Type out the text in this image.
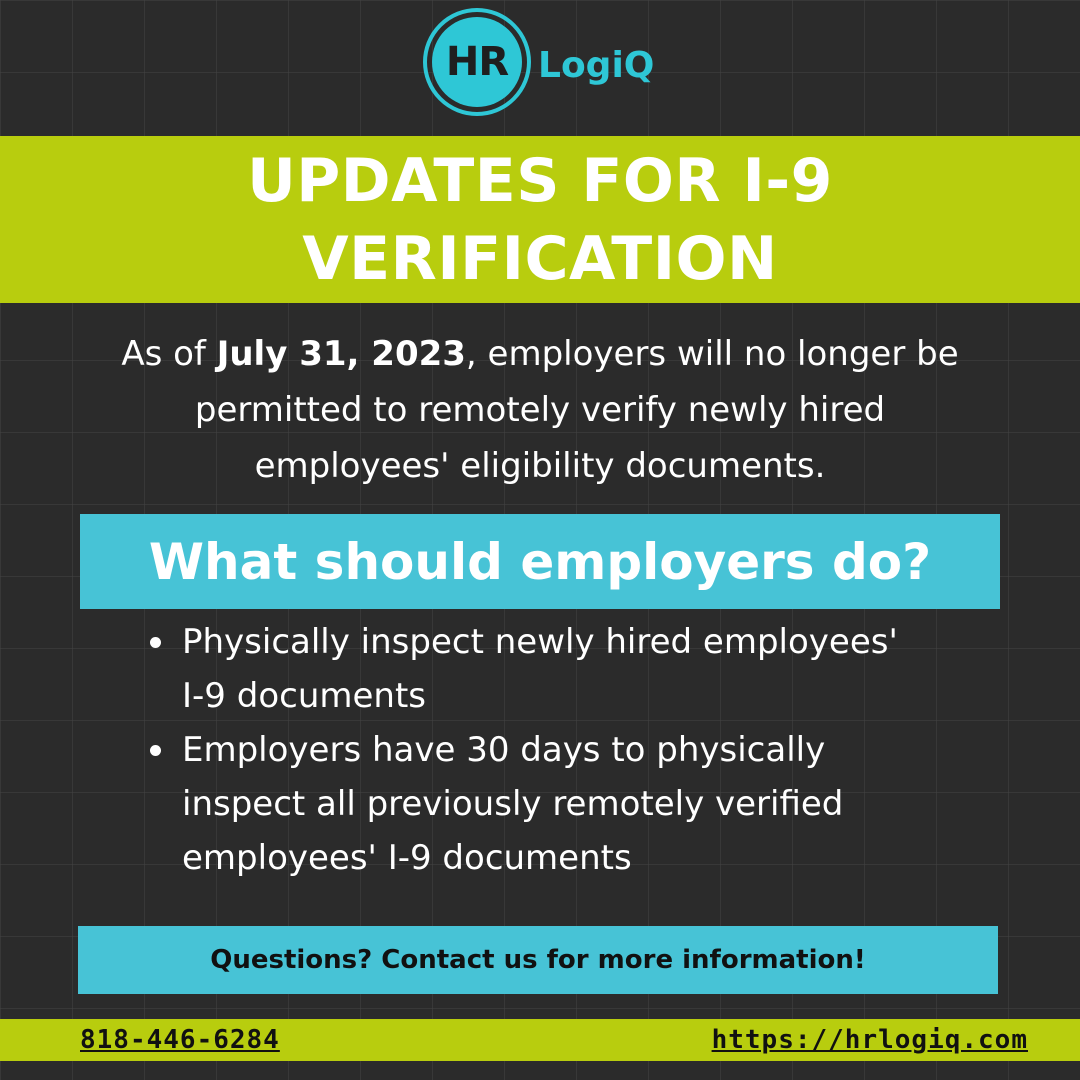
HR LogiQ
UPDATES FOR I-9
VERIFICATION
As of July 31, 2023, employers will no longer be
permitted to remotely verify newly hired
employees' eligibility documents.
What should employers do?
Physically inspect newly hired employees'
I-9 documents
Employers have 30 days to physically
inspect all previously remotely verified
employees' I-9 documents
Questions? Contact us for more information!
818-446-6284	https://hrlogiq.com
